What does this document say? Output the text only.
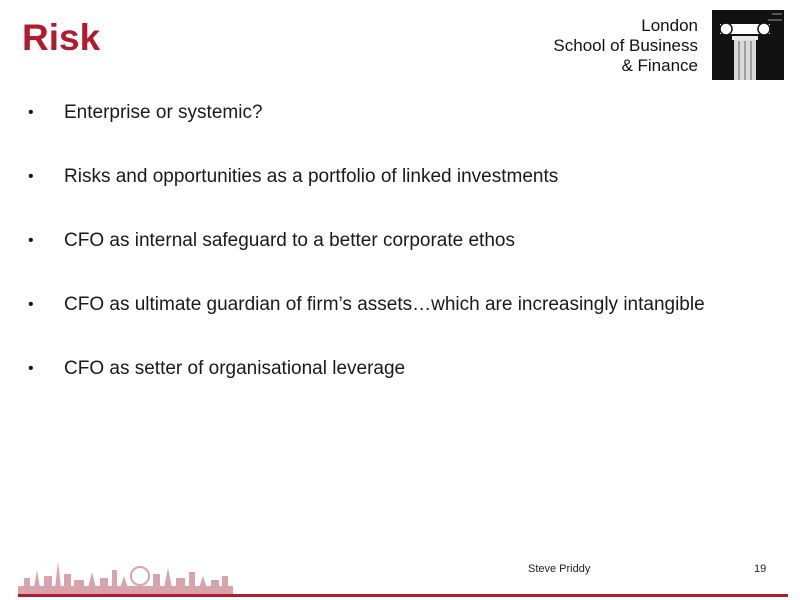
Risk	London
School of Business
& Finance
• Enterprise or systemic?
• Risks and opportunities as a portfolio of linked investments
• CFO as internal safeguard to a better corporate ethos
• CFO as ultimate guardian of firm’s assets…which are increasingly intangible
• CFO as setter of organisational leverage
Steve Priddy	19
